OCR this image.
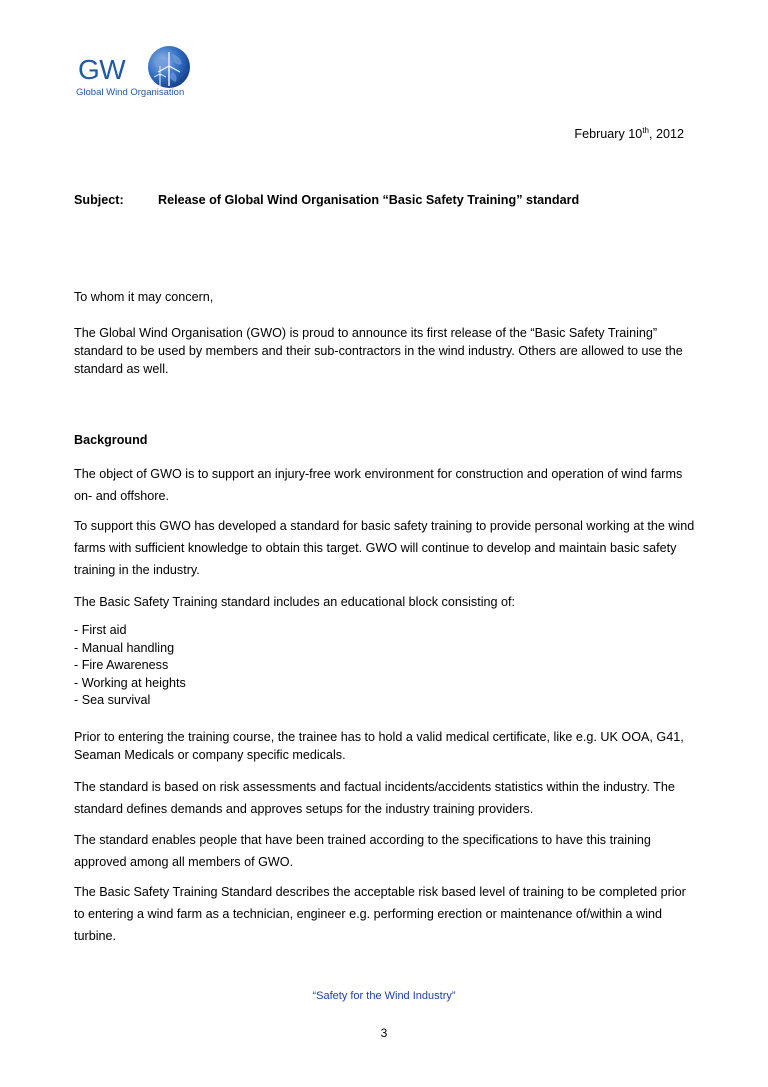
GW
Global Wind Organisation
February 10th, 2012
Subject:	Release of Global Wind Organisation “Basic Safety Training” standard
To whom it may concern,
The Global Wind Organisation (GWO) is proud to announce its first release of the “Basic Safety Training” standard to be used by members and their sub-contractors in the wind industry. Others are allowed to use the standard as well.
Background
The object of GWO is to support an injury-free work environment for construction and operation of wind farms on- and offshore.
To support this GWO has developed a standard for basic safety training to provide personal working at the wind farms with sufficient knowledge to obtain this target. GWO will continue to develop and maintain basic safety training in the industry.
The Basic Safety Training standard includes an educational block consisting of:
- First aid
- Manual handling
- Fire Awareness
- Working at heights
- Sea survival
Prior to entering the training course, the trainee has to hold a valid medical certificate, like e.g. UK OOA, G41, Seaman Medicals or company specific medicals.
The standard is based on risk assessments and factual incidents/accidents statistics within the industry. The standard defines demands and approves setups for the industry training providers.
The standard enables people that have been trained according to the specifications to have this training approved among all members of GWO.
The Basic Safety Training Standard describes the acceptable risk based level of training to be completed prior to entering a wind farm as a technician, engineer e.g. performing erection or maintenance of/within a wind turbine.
“Safety for the Wind Industry”
3
